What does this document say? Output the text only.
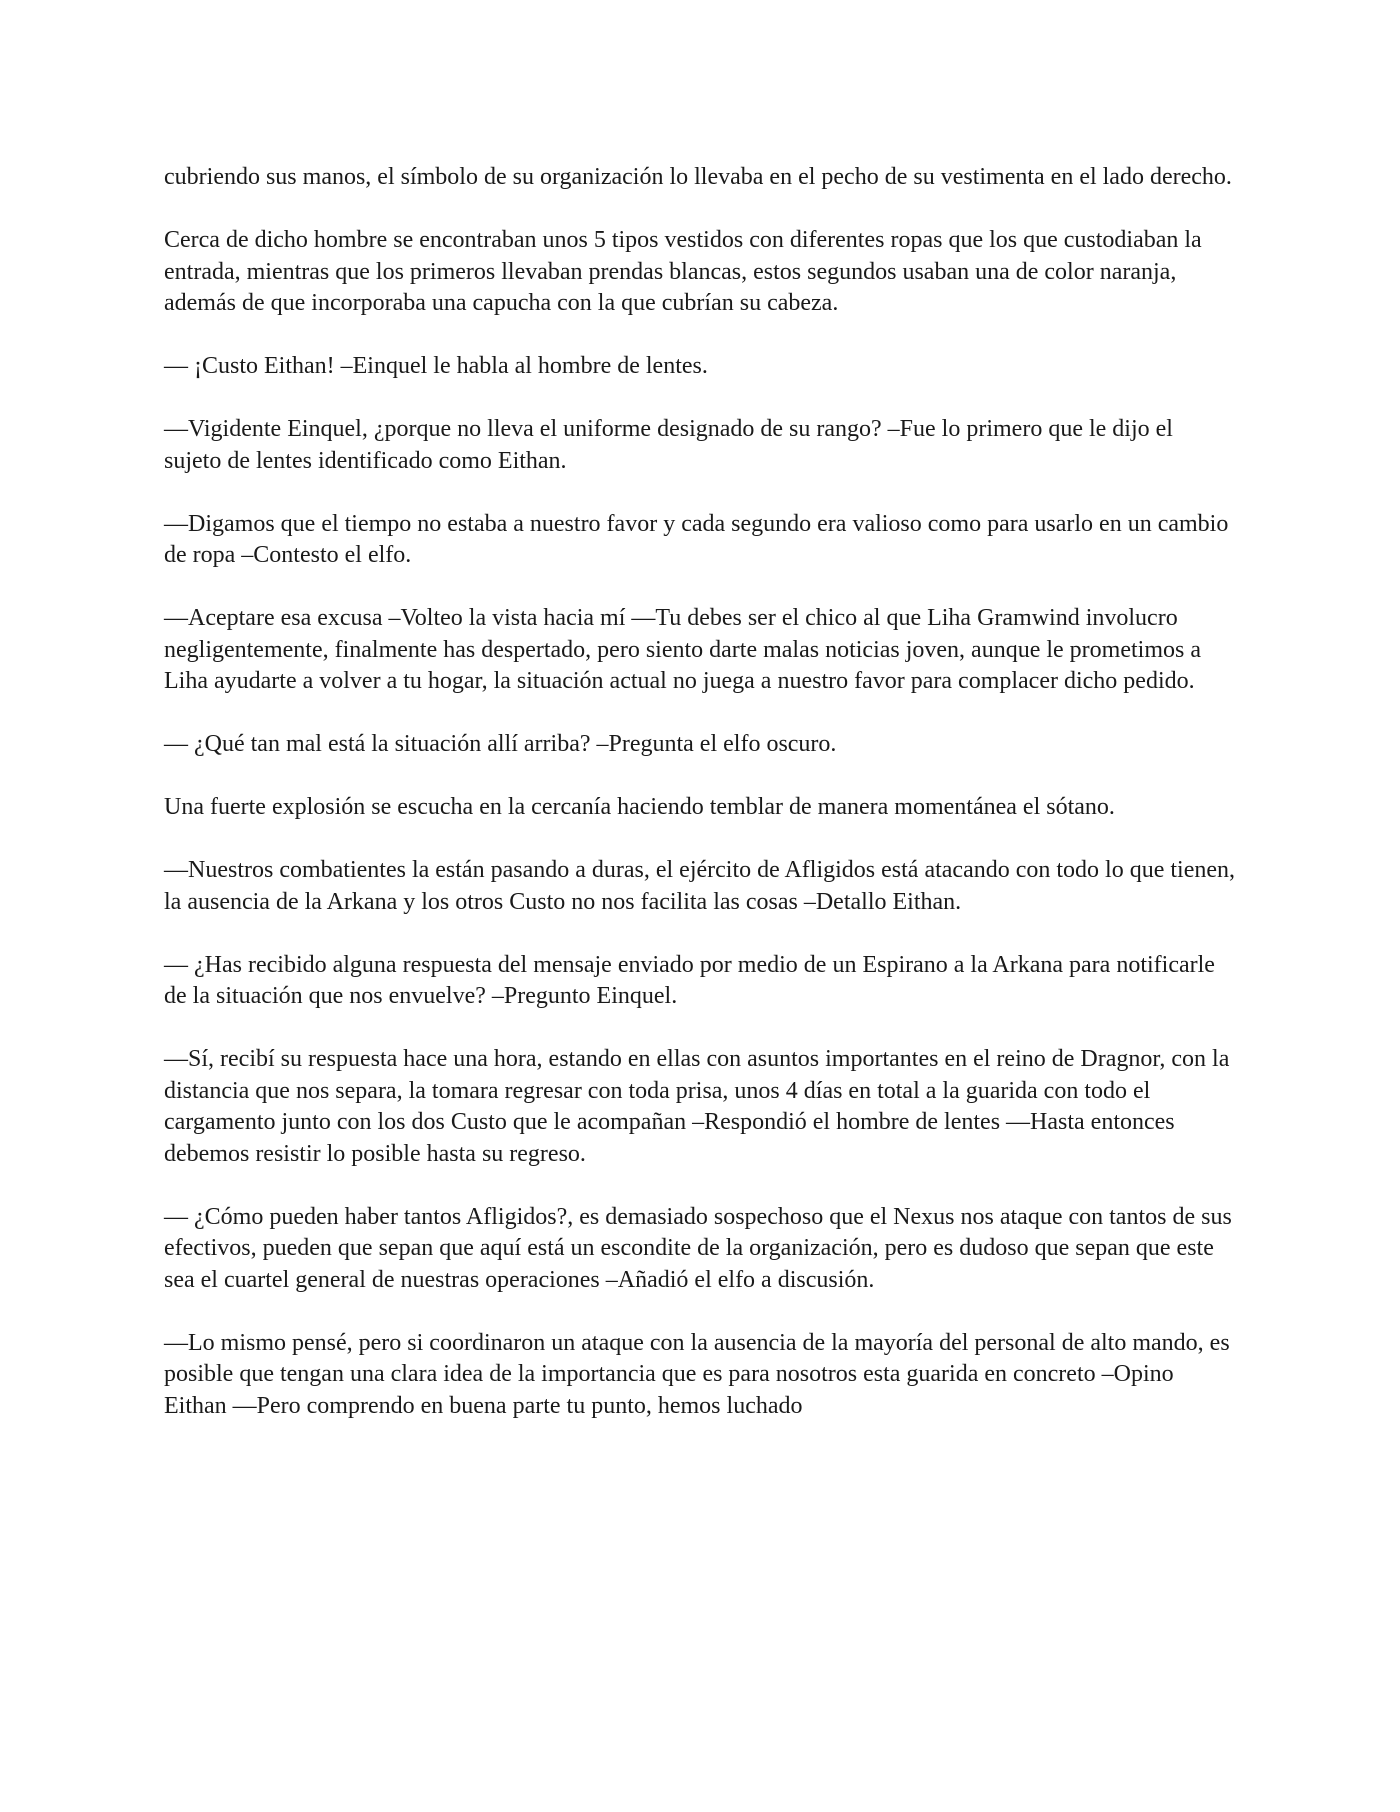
cubriendo sus manos, el símbolo de su organización lo llevaba en el pecho de su vestimenta en el lado derecho.

Cerca de dicho hombre se encontraban unos 5 tipos vestidos con diferentes ropas que los que custodiaban la entrada, mientras que los primeros llevaban prendas blancas, estos segundos usaban una de color naranja, además de que incorporaba una capucha con la que cubrían su cabeza.

— ¡Custo Eithan! –Einquel le habla al hombre de lentes.

—Vigidente Einquel, ¿porque no lleva el uniforme designado de su rango? –Fue lo primero que le dijo el sujeto de lentes identificado como Eithan.

—Digamos que el tiempo no estaba a nuestro favor y cada segundo era valioso como para usarlo en un cambio de ropa –Contesto el elfo.

—Aceptare esa excusa –Volteo la vista hacia mí —Tu debes ser el chico al que Liha Gramwind involucro negligentemente, finalmente has despertado, pero siento darte malas noticias joven, aunque le prometimos a Liha ayudarte a volver a tu hogar, la situación actual no juega a nuestro favor para complacer dicho pedido.

— ¿Qué tan mal está la situación allí arriba? –Pregunta el elfo oscuro.

Una fuerte explosión se escucha en la cercanía haciendo temblar de manera momentánea el sótano.

—Nuestros combatientes la están pasando a duras, el ejército de Afligidos está atacando con todo lo que tienen, la ausencia de la Arkana y los otros Custo no nos facilita las cosas –Detallo Eithan.

— ¿Has recibido alguna respuesta del mensaje enviado por medio de un Espirano a la Arkana para notificarle de la situación que nos envuelve? –Pregunto Einquel.

—Sí, recibí su respuesta hace una hora, estando en ellas con asuntos importantes en el reino de Dragnor, con la distancia que nos separa, la tomara regresar con toda prisa, unos 4 días en total a la guarida con todo el cargamento junto con los dos Custo que le acompañan –Respondió el hombre de lentes —Hasta entonces debemos resistir lo posible hasta su regreso.

— ¿Cómo pueden haber tantos Afligidos?, es demasiado sospechoso que el Nexus nos ataque con tantos de sus efectivos, pueden que sepan que aquí está un escondite de la organización, pero es dudoso que sepan que este sea el cuartel general de nuestras operaciones –Añadió el elfo a discusión.

—Lo mismo pensé, pero si coordinaron un ataque con la ausencia de la mayoría del personal de alto mando, es posible que tengan una clara idea de la importancia que es para nosotros esta guarida en concreto –Opino Eithan —Pero comprendo en buena parte tu punto, hemos luchado
